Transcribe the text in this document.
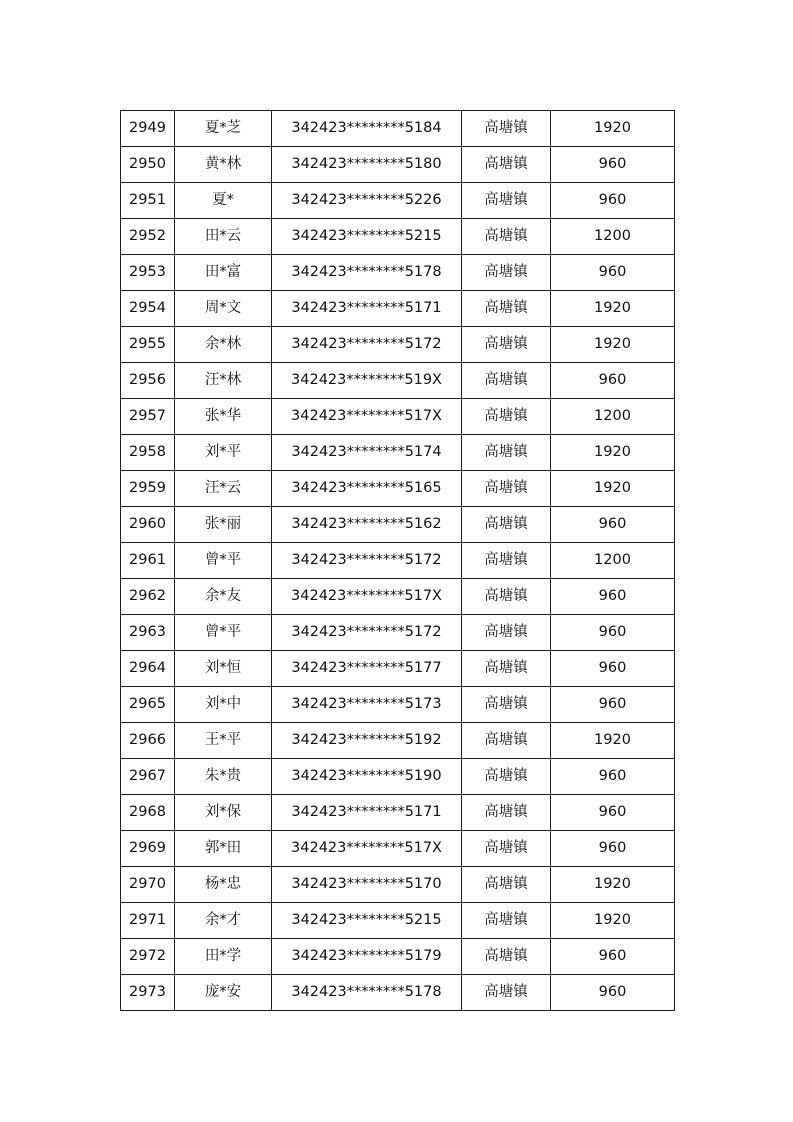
2949	夏*芝	342423********5184	高塘镇	1920
2950	黄*林	342423********5180	高塘镇	960
2951	夏*	342423********5226	高塘镇	960
2952	田*云	342423********5215	高塘镇	1200
2953	田*富	342423********5178	高塘镇	960
2954	周*文	342423********5171	高塘镇	1920
2955	余*林	342423********5172	高塘镇	1920
2956	汪*林	342423********519X	高塘镇	960
2957	张*华	342423********517X	高塘镇	1200
2958	刘*平	342423********5174	高塘镇	1920
2959	汪*云	342423********5165	高塘镇	1920
2960	张*丽	342423********5162	高塘镇	960
2961	曾*平	342423********5172	高塘镇	1200
2962	余*友	342423********517X	高塘镇	960
2963	曾*平	342423********5172	高塘镇	960
2964	刘*恒	342423********5177	高塘镇	960
2965	刘*中	342423********5173	高塘镇	960
2966	王*平	342423********5192	高塘镇	1920
2967	朱*贵	342423********5190	高塘镇	960
2968	刘*保	342423********5171	高塘镇	960
2969	郭*田	342423********517X	高塘镇	960
2970	杨*忠	342423********5170	高塘镇	1920
2971	余*才	342423********5215	高塘镇	1920
2972	田*学	342423********5179	高塘镇	960
2973	庞*安	342423********5178	高塘镇	960
